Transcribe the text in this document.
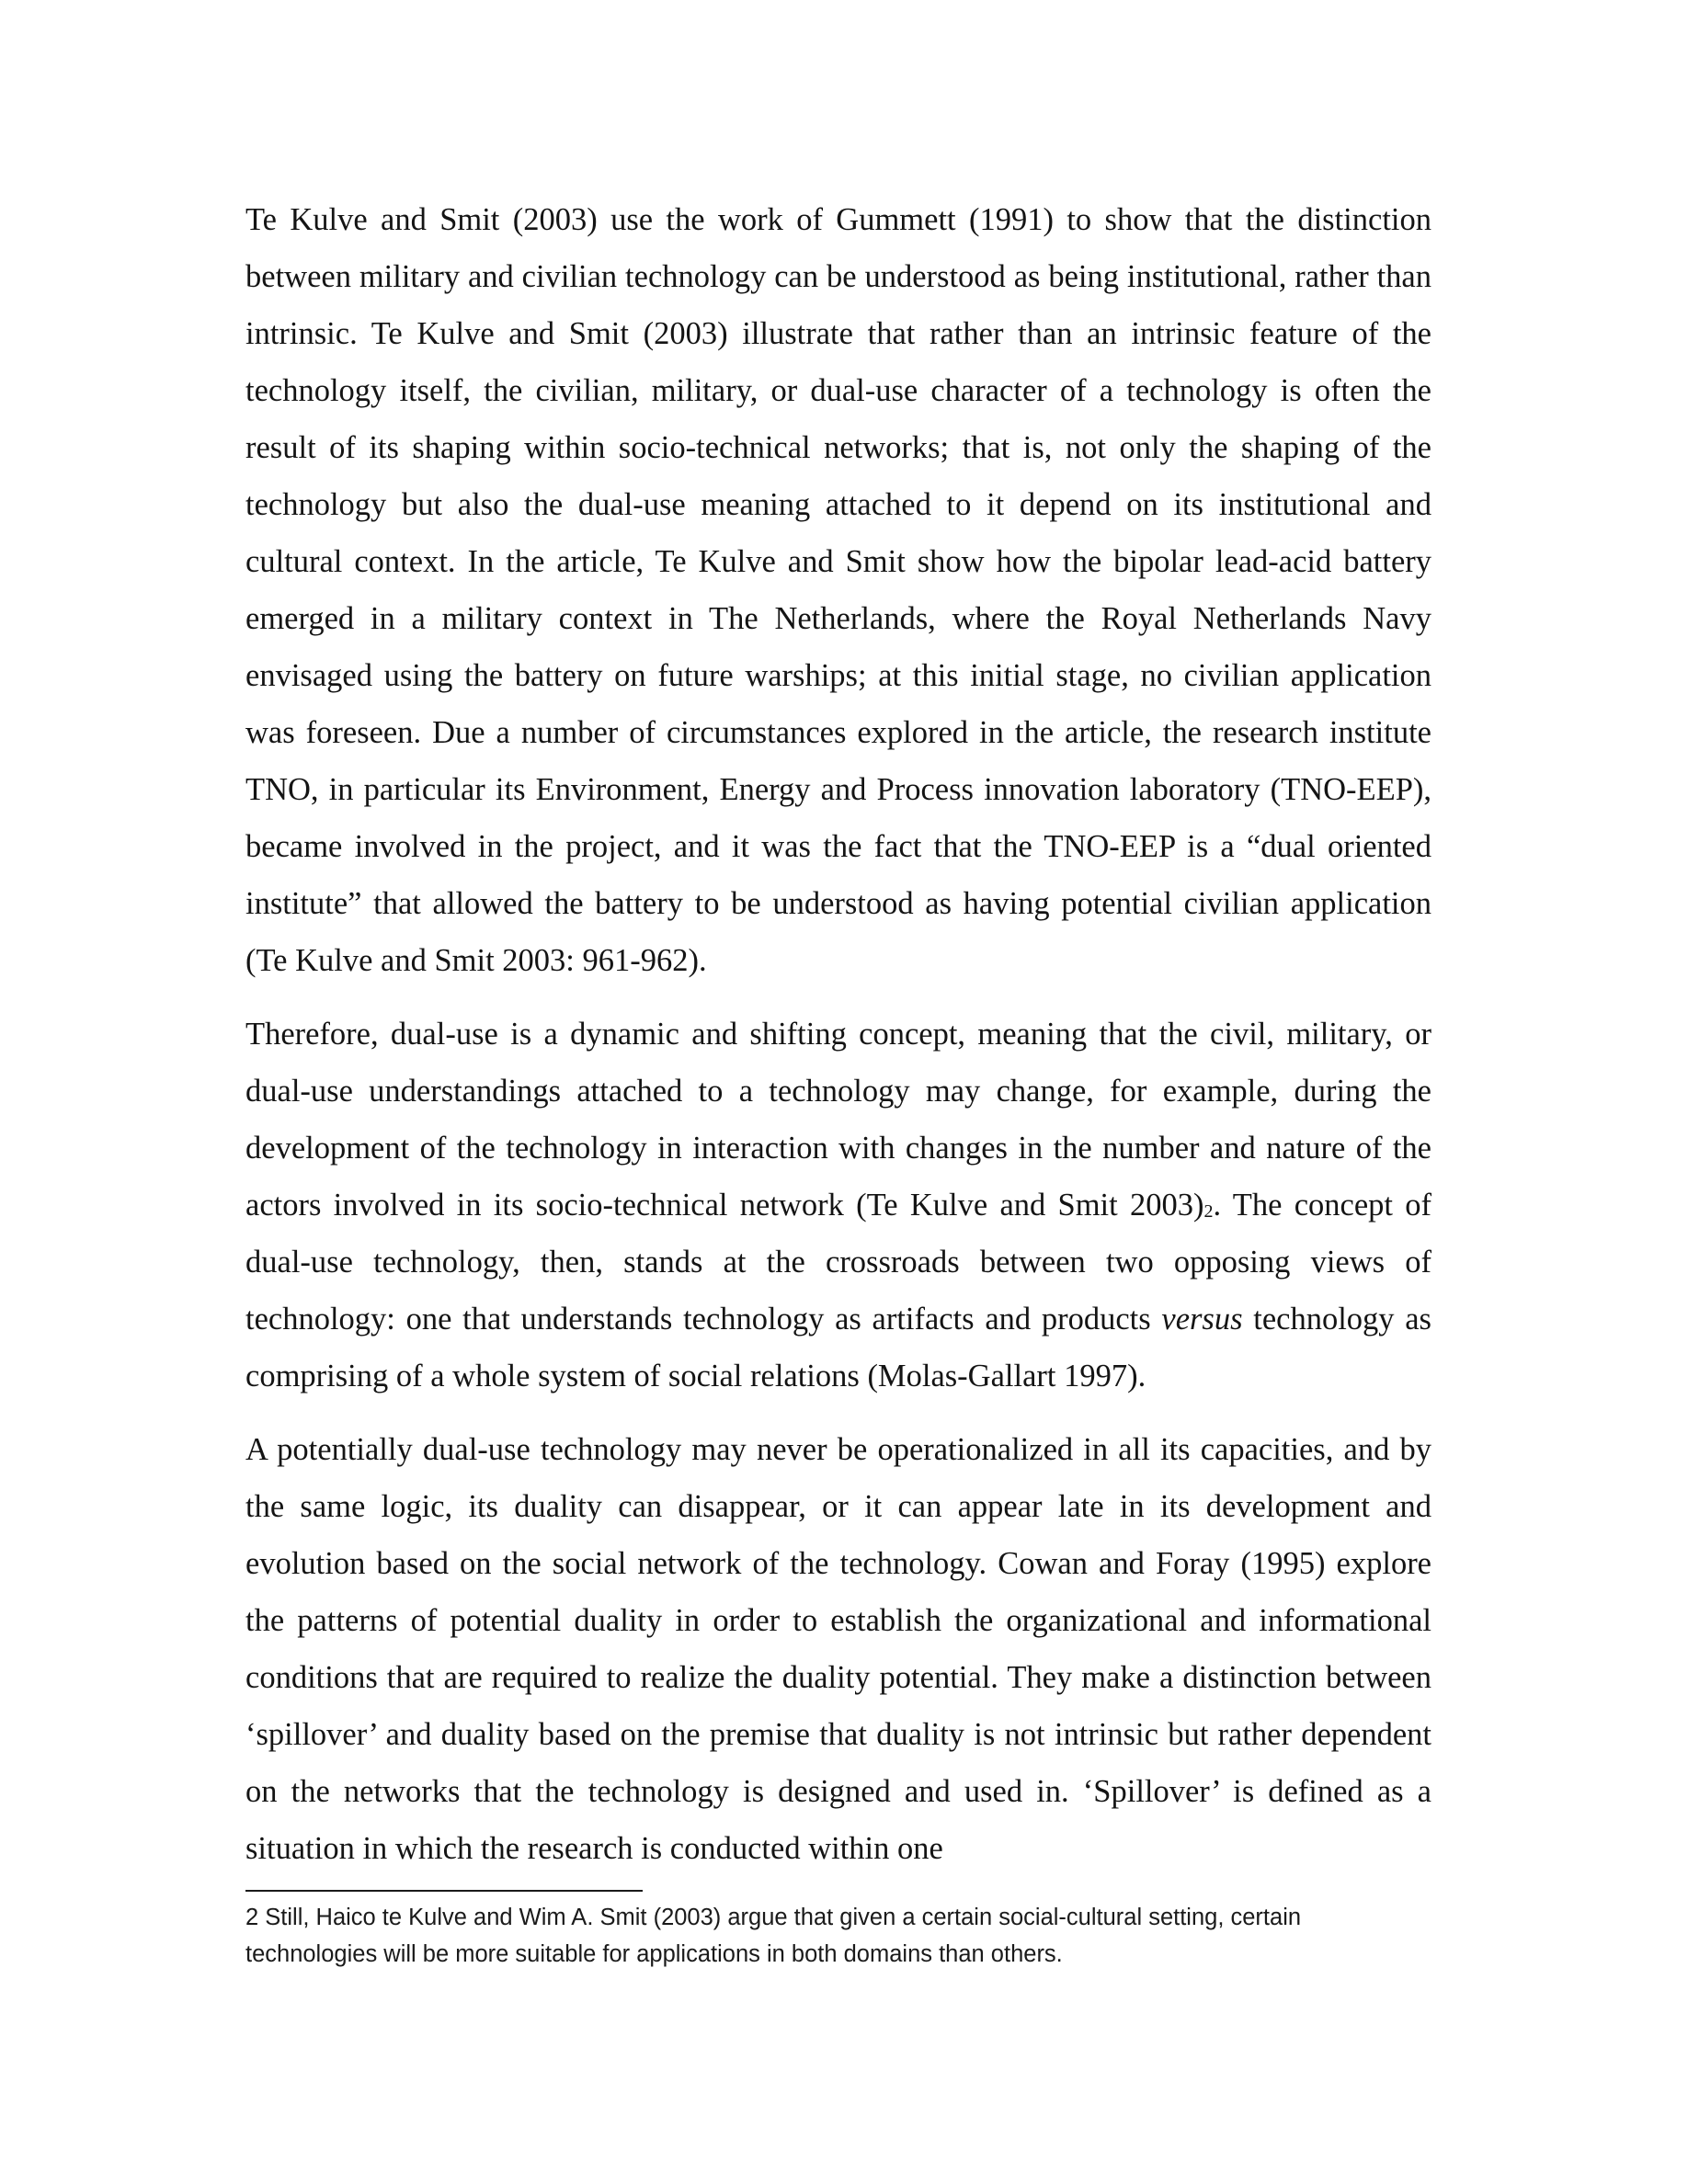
Te Kulve and Smit (2003) use the work of Gummett (1991) to show that the distinction between military and civilian technology can be understood as being institutional, rather than intrinsic. Te Kulve and Smit (2003) illustrate that rather than an intrinsic feature of the technology itself, the civilian, military, or dual-use character of a technology is often the result of its shaping within socio-technical networks; that is, not only the shaping of the technology but also the dual-use meaning attached to it depend on its institutional and cultural context. In the article, Te Kulve and Smit show how the bipolar lead-acid battery emerged in a military context in The Netherlands, where the Royal Netherlands Navy envisaged using the battery on future warships; at this initial stage, no civilian application was foreseen. Due a number of circumstances explored in the article, the research institute TNO, in particular its Environment, Energy and Process innovation laboratory (TNO-EEP), became involved in the project, and it was the fact that the TNO-EEP is a “dual oriented institute” that allowed the battery to be understood as having potential civilian application (Te Kulve and Smit 2003: 961-962).

Therefore, dual-use is a dynamic and shifting concept, meaning that the civil, military, or dual-use understandings attached to a technology may change, for example, during the development of the technology in interaction with changes in the number and nature of the actors involved in its socio-technical network (Te Kulve and Smit $2003)_2$. The concept of dual-use technology, then, stands at the crossroads between two opposing views of technology: one that understands technology as artifacts and products versus technology as comprising of a whole system of social relations (Molas-Gallart 1997).

A potentially dual-use technology may never be operationalized in all its capacities, and by the same logic, its duality can disappear, or it can appear late in its development and evolution based on the social network of the technology. Cowan and Foray (1995) explore the patterns of potential duality in order to establish the organizational and informational conditions that are required to realize the duality potential. They make a distinction between ‘spillover’ and duality based on the premise that duality is not intrinsic but rather dependent on the networks that the technology is designed and used in. ‘Spillover’ is defined as a situation in which the research is conducted within one

2 Still, Haico te Kulve and Wim A. Smit (2003) argue that given a certain social-cultural setting, certain technologies will be more suitable for applications in both domains than others.
